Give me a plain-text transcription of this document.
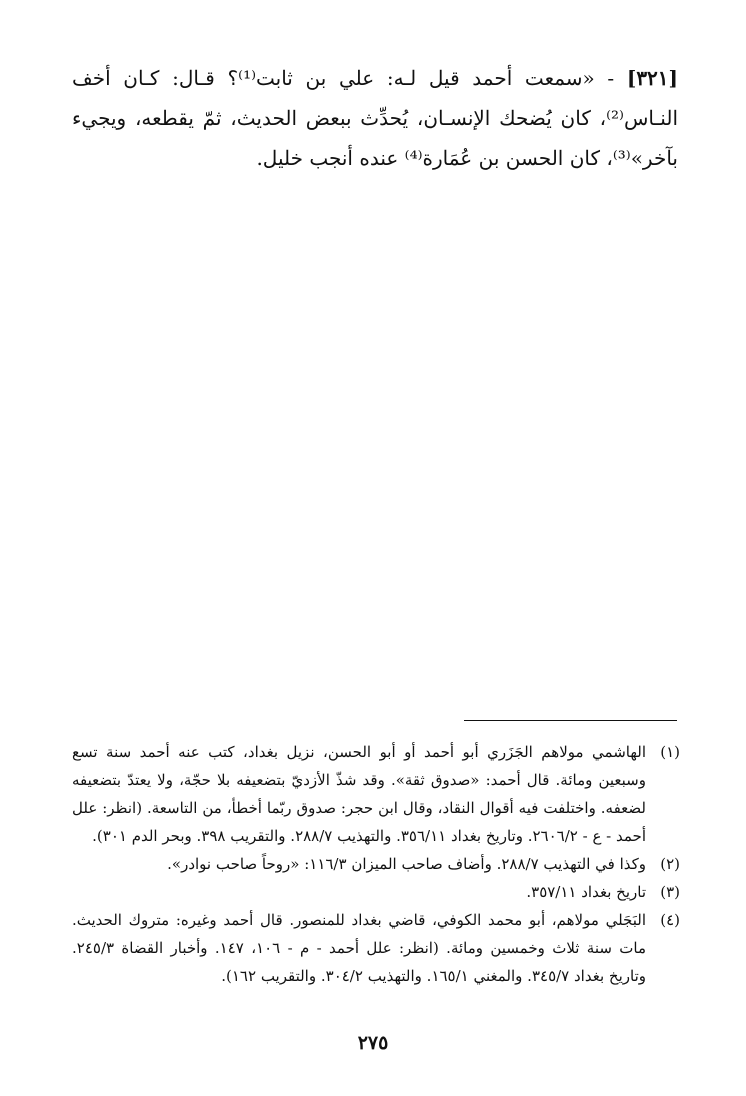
[٣٢١] - «سمعت أحمد قيل لـه: علي بن ثابت⁽¹⁾؟ قـال: كـان أخف النـاس⁽²⁾، كان يُضحك الإنسـان، يُحدِّث ببعض الحديث، ثمّ يقطعه، ويجيء بآخر»⁽³⁾، كان الحسن بن عُمَارة⁽⁴⁾ عنده أنجب خليل.
(١)
الهاشمي مولاهم الجَزَري أبو أحمد أو أبو الحسن، نزيل بغداد، كتب عنه أحمد سنة تسع وسبعين ومائة. قال أحمد: «صدوق ثقة». وقد شذّ الأزديّ بتضعيفه بلا حجّة، ولا يعتدّ بتضعيفه لضعفه. واختلفت فيه أقوال النقاد، وقال ابن حجر: صدوق ربّما أخطأ، من التاسعة. (انظر: علل أحمد - ع - ٢٦٠٦/٢. وتاريخ بغداد ٣٥٦/١١. والتهذيب ٢٨٨/٧. والتقريب ٣٩٨. وبحر الدم ٣٠١).
(٢)
وكذا في التهذيب ٢٨٨/٧. وأضاف صاحب الميزان ١١٦/٣: «روحاً صاحب نوادر».
(٣)
تاريخ بغداد ٣٥٧/١١.
(٤)
البَجَلي مولاهم، أبو محمد الكوفي، قاضي بغداد للمنصور. قال أحمد وغيره: متروك الحديث. مات سنة ثلاث وخمسين ومائة. (انظر: علل أحمد - م - ١٠٦، ١٤٧. وأخبار القضاة ٢٤٥/٣. وتاريخ بغداد ٣٤٥/٧. والمغني ١٦٥/١. والتهذيب ٣٠٤/٢. والتقريب ١٦٢).
٢٧٥
